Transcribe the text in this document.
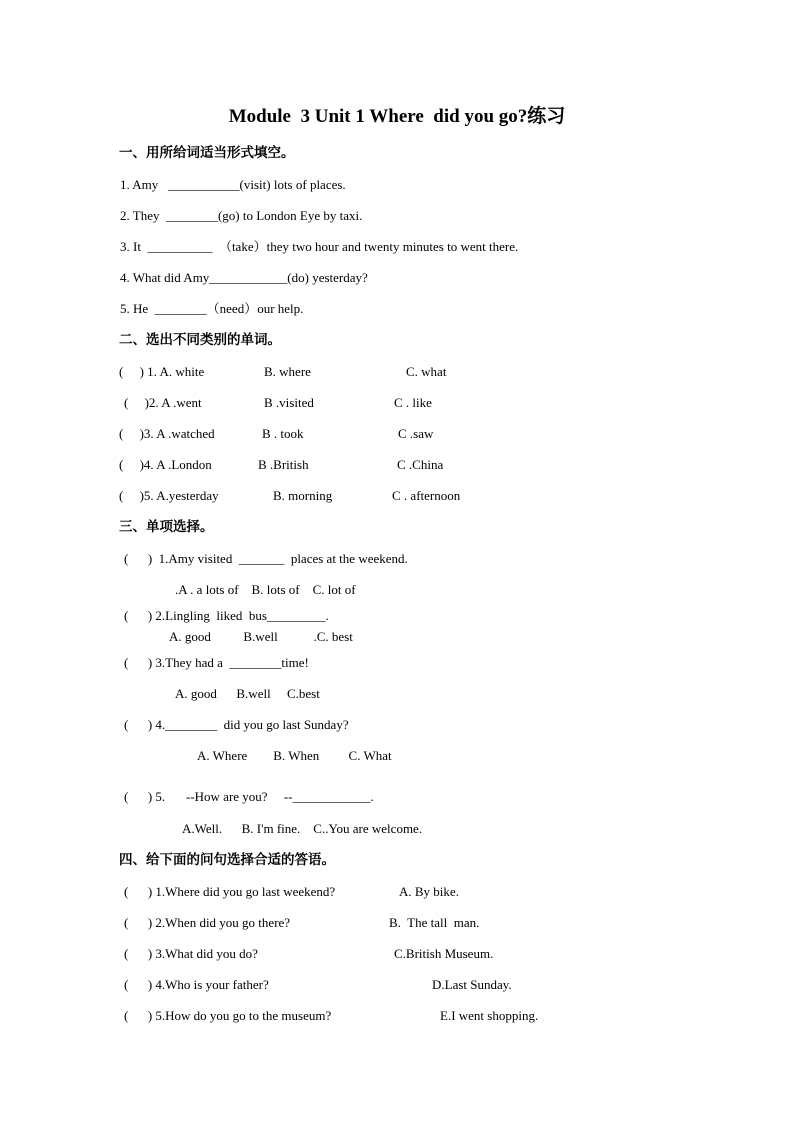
Module  3 Unit 1 Where  did you go?练习
一、用所给词适当形式填空。
1. Amy   ___________(visit) lots of places.
2. They  ________(go) to London Eye by taxi.
3. It  __________  （take）they two hour and twenty minutes to went there.
4. What did Amy____________(do) yesterday?
5. He  ________（need）our help.
二、选出不同类别的单词。
(     ) 1. A. white	B. where	C. what
(     )2. A .went	B .visited	C . like
(     )3. A .watched	B . took	C .saw
(     )4. A .London	B .British	C .China
(     )5. A.yesterday	B. morning	C . afternoon
三、单项选择。
(      )  1.Amy visited  _______  places at the weekend.
.A . a lots of    B. lots of    C. lot of
(      ) 2.Lingling  liked  bus_________.
A. good          B.well           .C. best
(      ) 3.They had a  ________time!
A. good      B.well     C.best
(      ) 4.________  did you go last Sunday?
A. Where        B. When         C. What
(      ) 5. --How are you?     --____________.
A.Well.      B. I'm fine.    C..You are welcome.
四、给下面的问句选择合适的答语。
(      ) 1.Where did you go last weekend?	A. By bike.
(      ) 2.When did you go there?	B.  The tall  man.
(      ) 3.What did you do?	C.British Museum.
(      ) 4.Who is your father?	D.Last Sunday.
(      ) 5.How do you go to the museum?	E.I went shopping.
